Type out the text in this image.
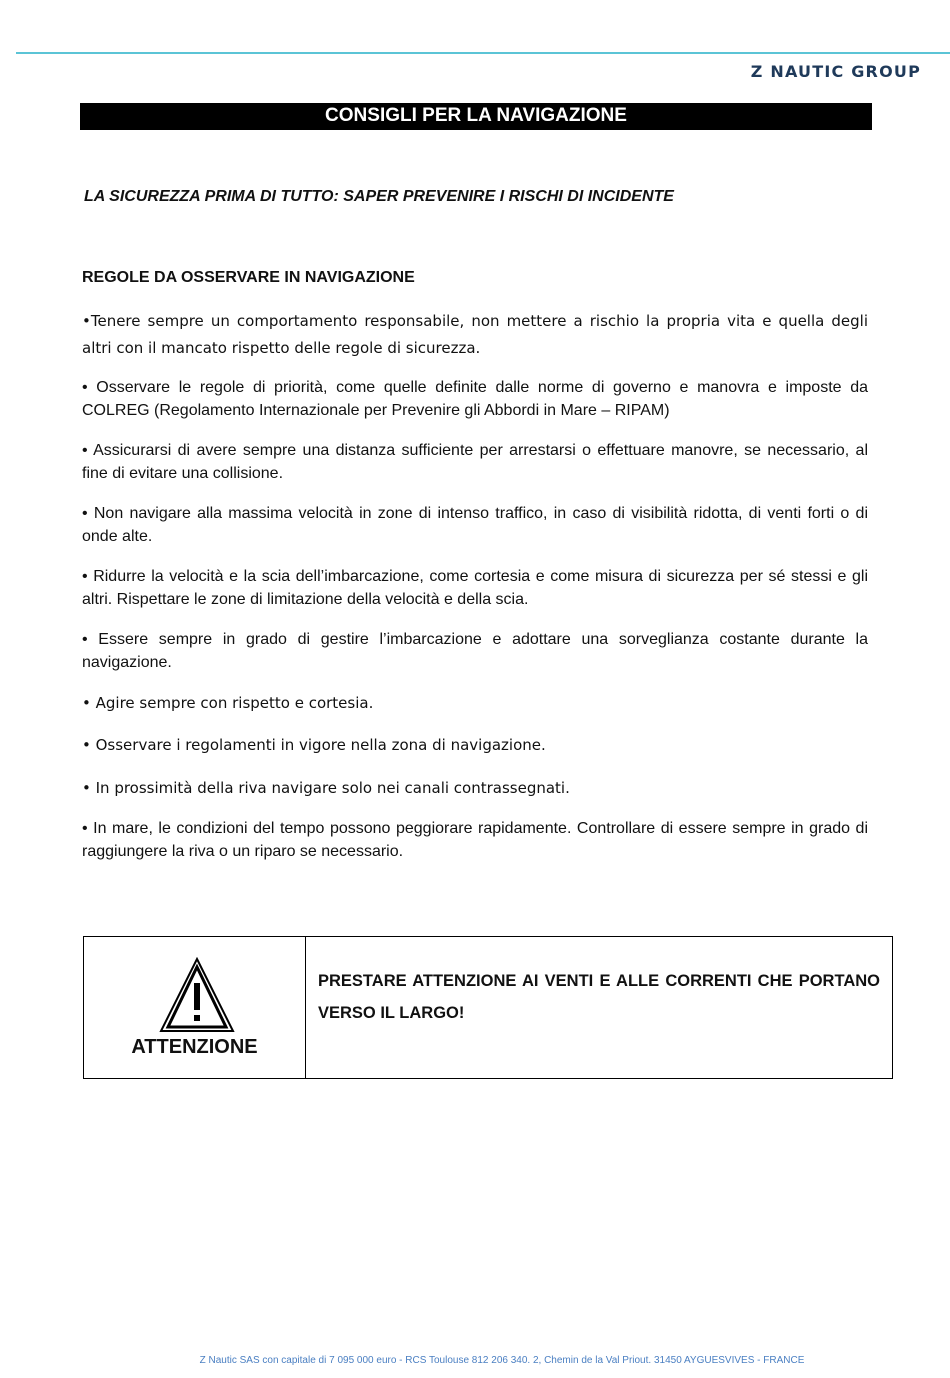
Z NAUTIC GROUP
CONSIGLI PER LA NAVIGAZIONE
LA SICUREZZA PRIMA DI TUTTO: SAPER PREVENIRE I RISCHI DI INCIDENTE
REGOLE DA OSSERVARE IN NAVIGAZIONE

•Tenere sempre un comportamento responsabile, non mettere a rischio la propria vita e quella degli altri con il mancato rispetto delle regole di sicurezza.

• Osservare le regole di priorità, come quelle definite dalle norme di governo e manovra e imposte da COLREG (Regolamento Internazionale per Prevenire gli Abbordi in Mare – RIPAM)

• Assicurarsi di avere sempre una distanza sufficiente per arrestarsi o effettuare manovre, se necessario, al fine di evitare una collisione.

• Non navigare alla massima velocità in zone di intenso traffico, in caso di visibilità ridotta, di venti forti o di onde alte.

• Ridurre la velocità e la scia dell’imbarcazione, come cortesia e come misura di sicurezza per sé stessi e gli altri. Rispettare le zone di limitazione della velocità e della scia.

• Essere sempre in grado di gestire l’imbarcazione e adottare una sorveglianza costante durante la navigazione.

• Agire sempre con rispetto e cortesia.

• Osservare i regolamenti in vigore nella zona di navigazione.

• In prossimità della riva navigare solo nei canali contrassegnati.

• In mare, le condizioni del tempo possono peggiorare rapidamente. Controllare di essere sempre in grado di raggiungere la riva o un riparo se necessario.

ATTENZIONE
PRESTARE ATTENZIONE AI VENTI E ALLE CORRENTI CHE PORTANO VERSO IL LARGO!
Z Nautic SAS con capitale di 7 095 000 euro - RCS Toulouse 812 206 340. 2, Chemin de la Val Priout. 31450 AYGUESVIVES - FRANCE
